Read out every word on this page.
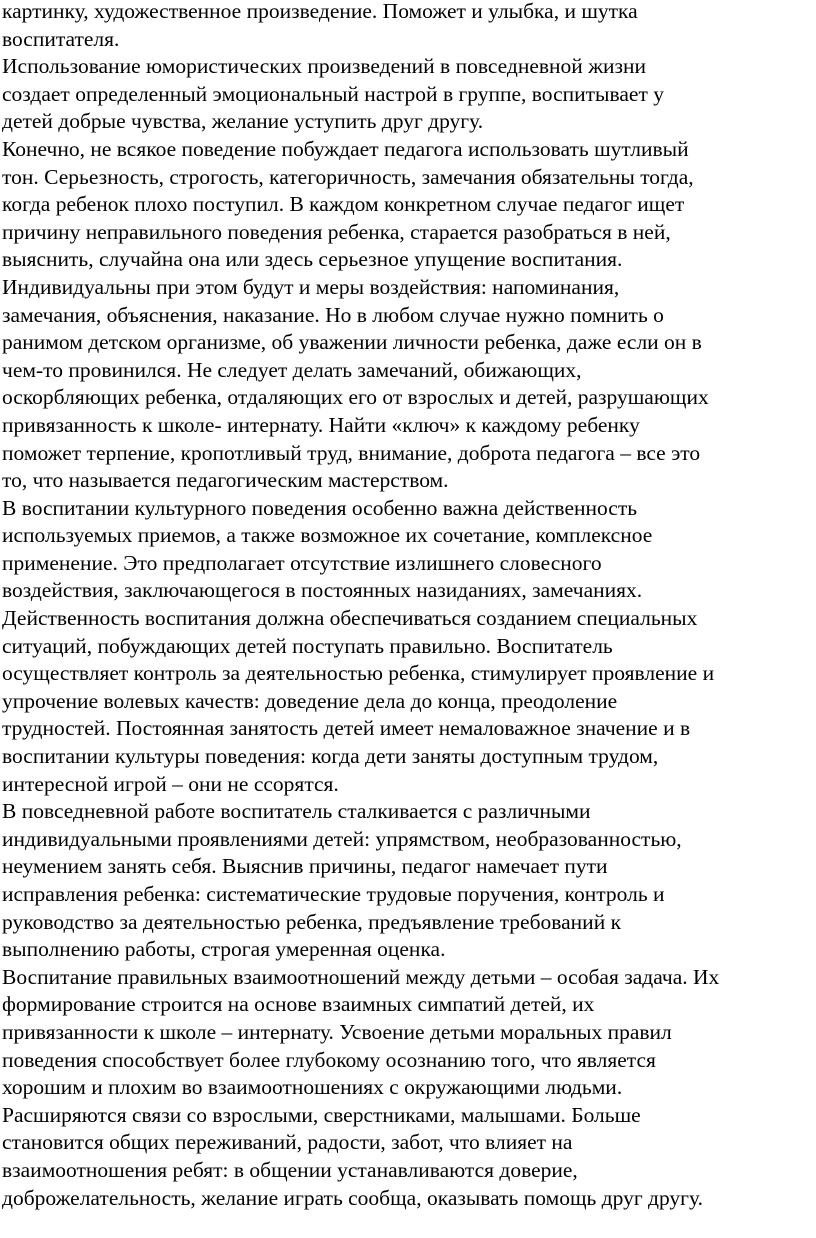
картинку, художественное произведение. Поможет и улыбка, и шутка
воспитателя.
Использование юмористических произведений в повседневной жизни
создает определенный эмоциональный настрой в группе, воспитывает у
детей добрые чувства, желание уступить друг другу.
Конечно, не всякое поведение побуждает педагога использовать шутливый
тон. Серьезность, строгость, категоричность, замечания обязательны тогда,
когда ребенок плохо поступил. В каждом конкретном случае педагог ищет
причину неправильного поведения ребенка, старается разобраться в ней,
выяснить, случайна она или здесь серьезное упущение воспитания.
Индивидуальны при этом будут и меры воздействия: напоминания,
замечания, объяснения, наказание. Но в любом случае нужно помнить о
ранимом детском организме, об уважении личности ребенка, даже если он в
чем-то провинился. Не следует делать замечаний, обижающих,
оскорбляющих ребенка, отдаляющих его от взрослых и детей, разрушающих
привязанность к школе- интернату. Найти «ключ» к каждому ребенку
поможет терпение, кропотливый труд, внимание, доброта педагога – все это
то, что называется педагогическим мастерством.
В воспитании культурного поведения особенно важна действенность
используемых приемов, а также возможное их сочетание, комплексное
применение. Это предполагает отсутствие излишнего словесного
воздействия, заключающегося в постоянных назиданиях, замечаниях.
Действенность воспитания должна обеспечиваться созданием специальных
ситуаций, побуждающих детей поступать правильно. Воспитатель
осуществляет контроль за деятельностью ребенка, стимулирует проявление и
упрочение волевых качеств: доведение дела до конца, преодоление
трудностей. Постоянная занятость детей имеет немаловажное значение и в
воспитании культуры поведения: когда дети заняты доступным трудом,
интересной игрой – они не ссорятся.
В повседневной работе воспитатель сталкивается с различными
индивидуальными проявлениями детей: упрямством, необразованностью,
неумением занять себя. Выяснив причины, педагог намечает пути
исправления ребенка: систематические трудовые поручения, контроль и
руководство за деятельностью ребенка, предъявление требований к
выполнению работы, строгая умеренная оценка.
Воспитание правильных взаимоотношений между детьми – особая задача. Их
формирование строится на основе взаимных симпатий детей, их
привязанности к школе – интернату. Усвоение детьми моральных правил
поведения способствует более глубокому осознанию того, что является
хорошим и плохим во взаимоотношениях с окружающими людьми.
Расширяются связи со взрослыми, сверстниками, малышами. Больше
становится общих переживаний, радости, забот, что влияет на
взаимоотношения ребят: в общении устанавливаются доверие,
доброжелательность, желание играть сообща, оказывать помощь друг другу.
